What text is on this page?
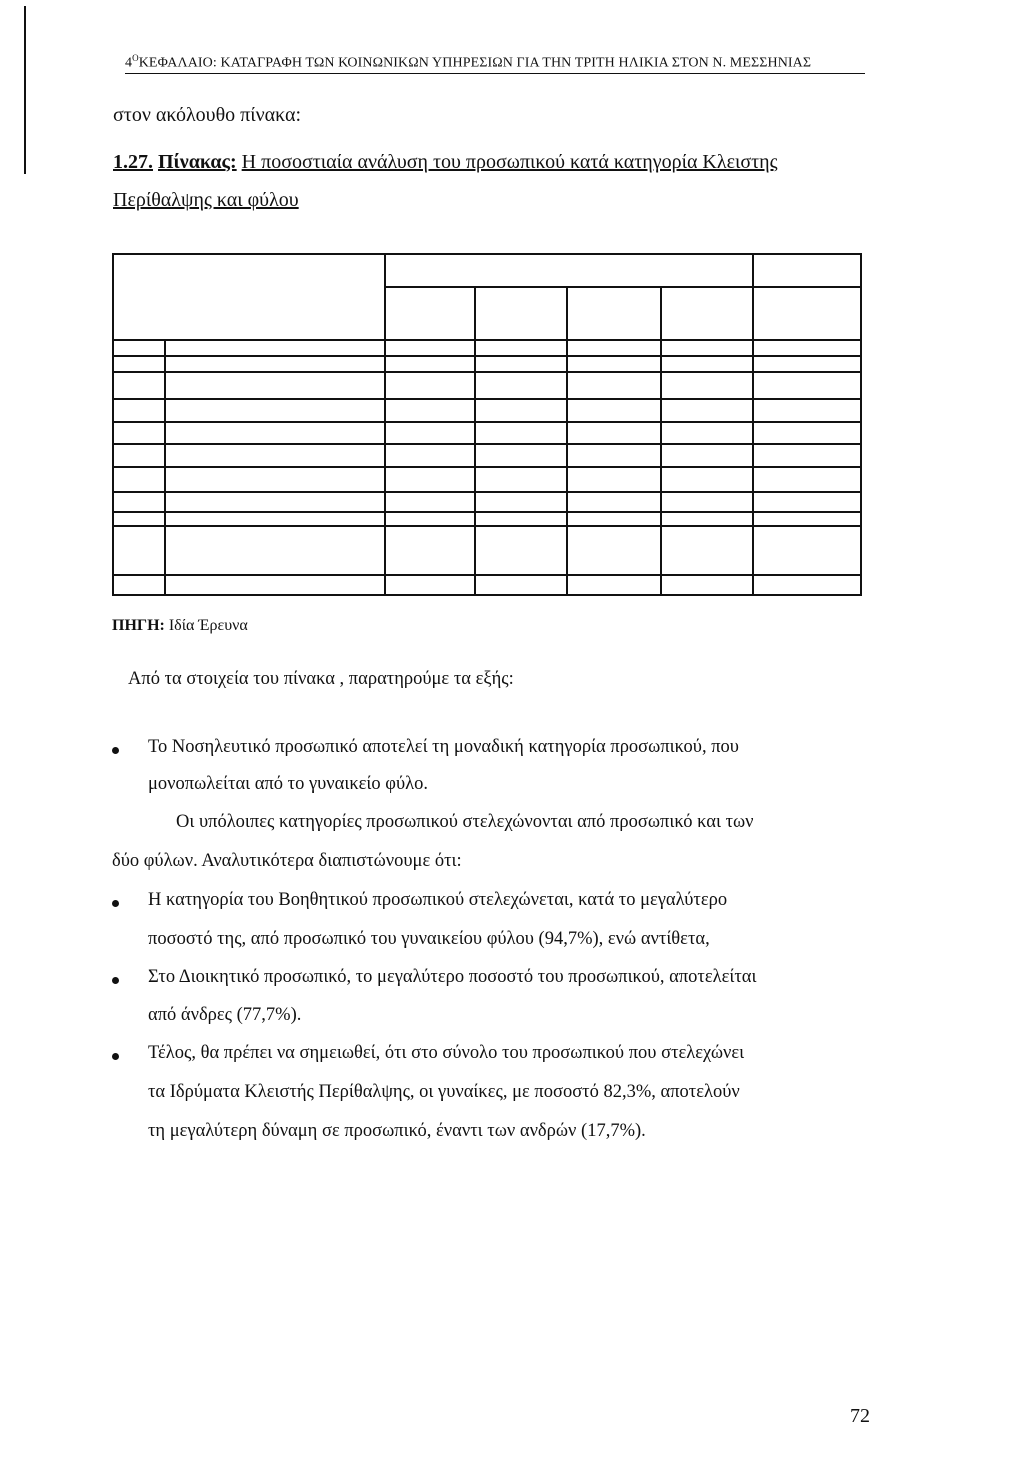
$4^OKE\Phi A\Lambda AIO$: ΚΑΤΑΓΡΑΦΗ ΤΩΝ ΚΟΙΝΩΝΙΚΩΝ ΥΠΗΡΕΣΙΩΝ ΓΙΑ ΤΗΝ ΤΡΙΤΗ ΗΛΙΚΙΑ ΣΤΟΝ Ν. ΜΕΣΣΗΝΙΑΣ
στον ακόλουθο πίνακα:
1.27. Πίνακας: Η ποσοστιαία ανάλυση του προσωπικού κατά κατηγορία Κλειστης Περίθαλψης και φύλου
ΠΗΓΗ: Ιδία Έρευνα
Από τα στοιχεία του πίνακα , παρατηρούμε τα εξής:
Το Νοσηλευτικό προσωπικό αποτελεί τη μοναδική κατηγορία προσωπικού, που
μονοπωλείται από το γυναικείο φύλο.
Οι υπόλοιπες κατηγορίες προσωπικού στελεχώνονται από προσωπικό και των
δύο φύλων. Αναλυτικότερα διαπιστώνουμε ότι:
Η κατηγορία του Βοηθητικού προσωπικού στελεχώνεται, κατά το μεγαλύτερο
ποσοστό της, από προσωπικό του γυναικείου φύλου (94,7%), ενώ αντίθετα,
Στο Διοικητικό προσωπικό, το μεγαλύτερο ποσοστό του προσωπικού, αποτελείται
από άνδρες (77,7%).
Τέλος, θα πρέπει να σημειωθεί, ότι στο σύνολο του προσωπικού που στελεχώνει
τα Ιδρύματα Κλειστής Περίθαλψης, οι γυναίκες, με ποσοστό 82,3%, αποτελούν
τη μεγαλύτερη δύναμη σε προσωπικό, έναντι των ανδρών (17,7%).
72
